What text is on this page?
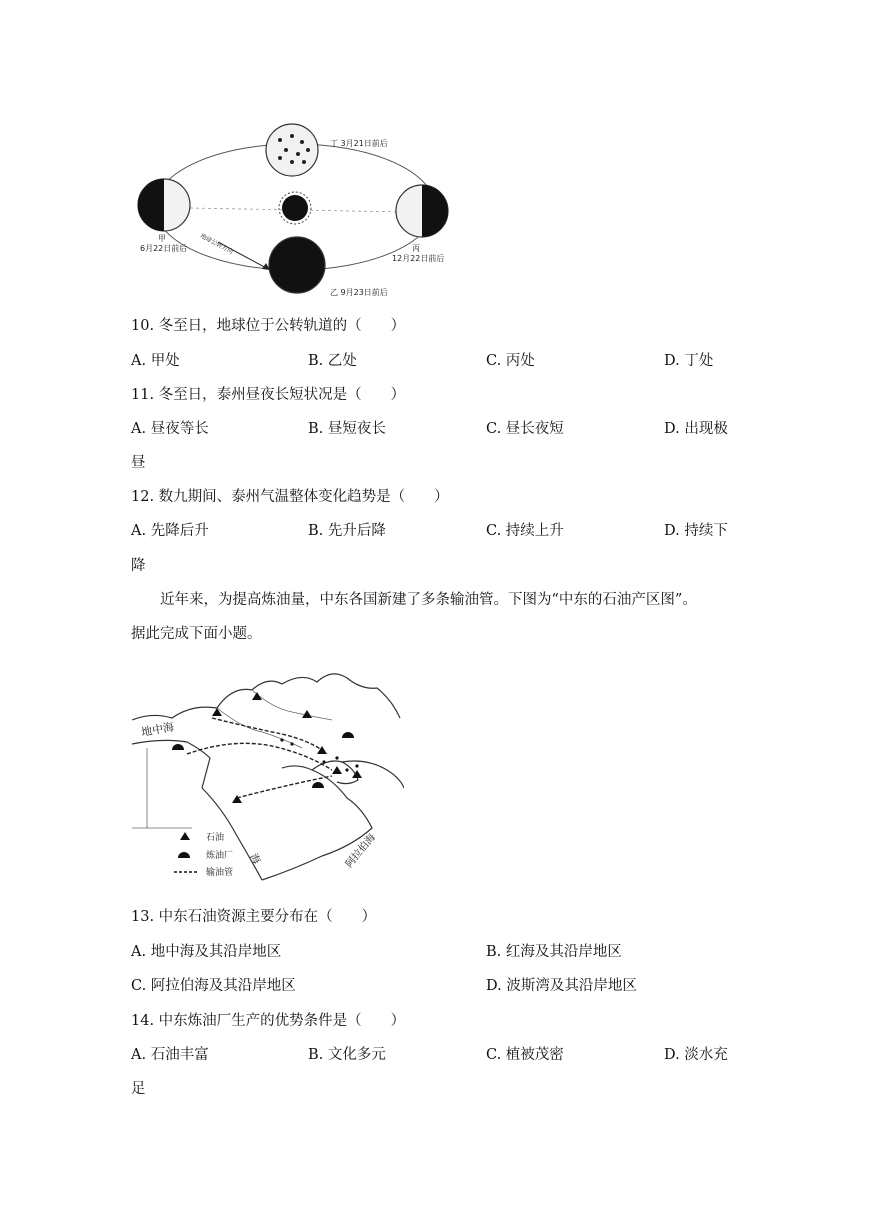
甲
6月22日前后
丁 3月21日前后
丙
12月22日前后
乙 9月23日前后
地球公转方向
10. 冬至日，地球位于公转轨道的（　　）
A. 甲处	B. 乙处	C. 丙处	D. 丁处
11. 冬至日，泰州昼夜长短状况是（　　）
A. 昼夜等长	B. 昼短夜长	C. 昼长夜短	D. 出现极
昼
12. 数九期间、泰州气温整体变化趋势是（　　）
A. 先降后升	B. 先升后降	C. 持续上升	D. 持续下
降
近年来，为提高炼油量，中东各国新建了多条输油管。下图为“中东的石油产区图”。
据此完成下面小题。
地中海
海	阿拉伯海
石油
炼油厂
输油管
13. 中东石油资源主要分布在（　　）
A. 地中海及其沿岸地区	B. 红海及其沿岸地区
C. 阿拉伯海及其沿岸地区	D. 波斯湾及其沿岸地区
14. 中东炼油厂生产的优势条件是（　　）
A. 石油丰富	B. 文化多元	C. 植被茂密	D. 淡水充
足
